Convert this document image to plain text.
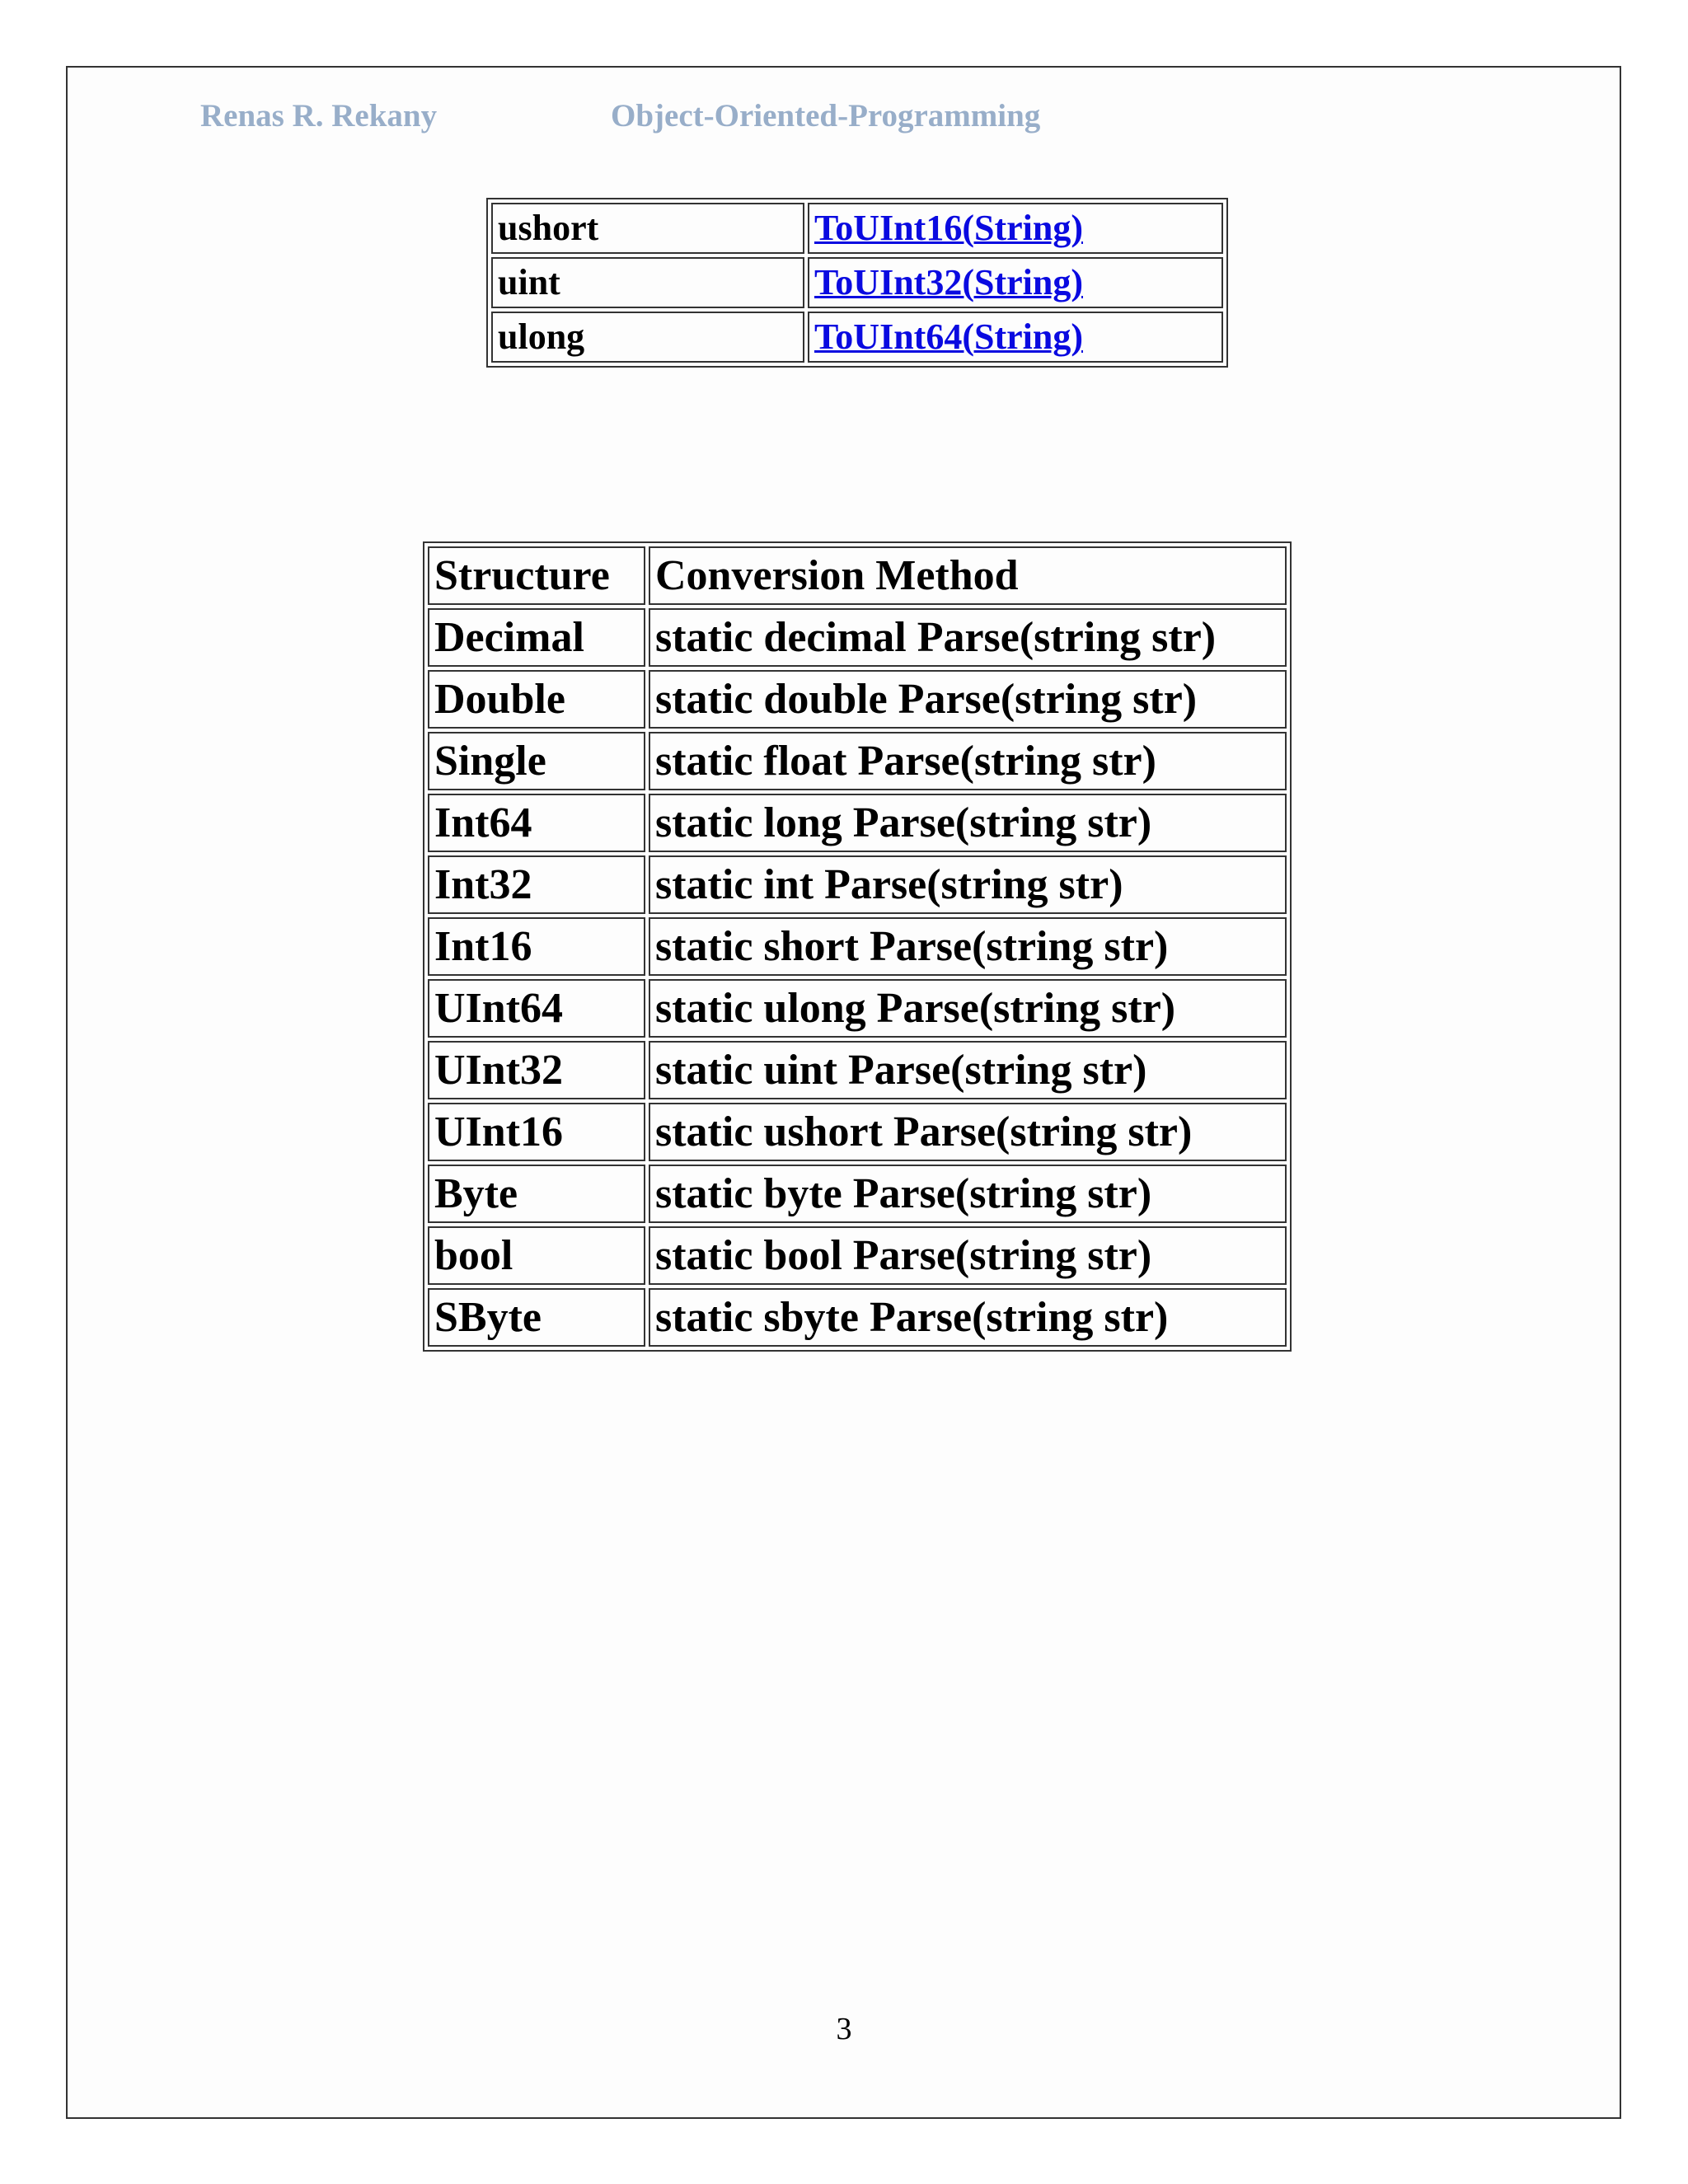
Renas R. Rekany	Object-Oriented-Programming
ushort	ToUInt16(String)
uint	ToUInt32(String)
ulong	ToUInt64(String)
Structure	Conversion Method
Decimal	static decimal Parse(string str)
Double	static double Parse(string str)
Single	static float Parse(string str)
Int64	static long Parse(string str)
Int32	static int Parse(string str)
Int16	static short Parse(string str)
UInt64	static ulong Parse(string str)
UInt32	static uint Parse(string str)
UInt16	static ushort Parse(string str)
Byte	static byte Parse(string str)
bool	static bool Parse(string str)
SByte	static sbyte Parse(string str)
3
